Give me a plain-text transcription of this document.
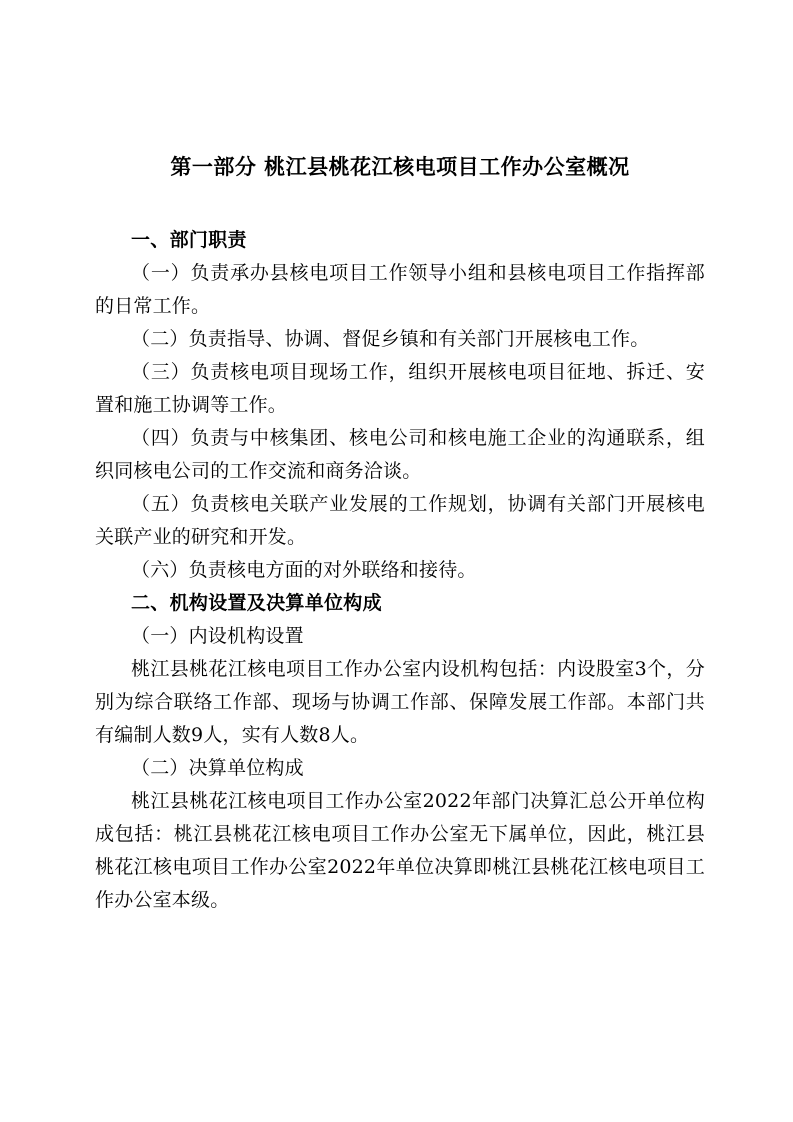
第一部分 桃江县桃花江核电项目工作办公室概况
一、部门职责

（一）负责承办县核电项目工作领导小组和县核电项目工作指挥部的日常工作。

（二）负责指导、协调、督促乡镇和有关部门开展核电工作。

（三）负责核电项目现场工作，组织开展核电项目征地、拆迁、安置和施工协调等工作。

（四）负责与中核集团、核电公司和核电施工企业的沟通联系，组织同核电公司的工作交流和商务洽谈。

（五）负责核电关联产业发展的工作规划，协调有关部门开展核电关联产业的研究和开发。

（六）负责核电方面的对外联络和接待。

二、机构设置及决算单位构成

（一）内设机构设置

桃江县桃花江核电项目工作办公室内设机构包括：内设股室3个，分别为综合联络工作部、现场与协调工作部、保障发展工作部。本部门共有编制人数9人，实有人数8人。

（二）决算单位构成

桃江县桃花江核电项目工作办公室2022年部门决算汇总公开单位构成包括：桃江县桃花江核电项目工作办公室无下属单位，因此，桃江县桃花江核电项目工作办公室2022年单位决算即桃江县桃花江核电项目工作办公室本级。
